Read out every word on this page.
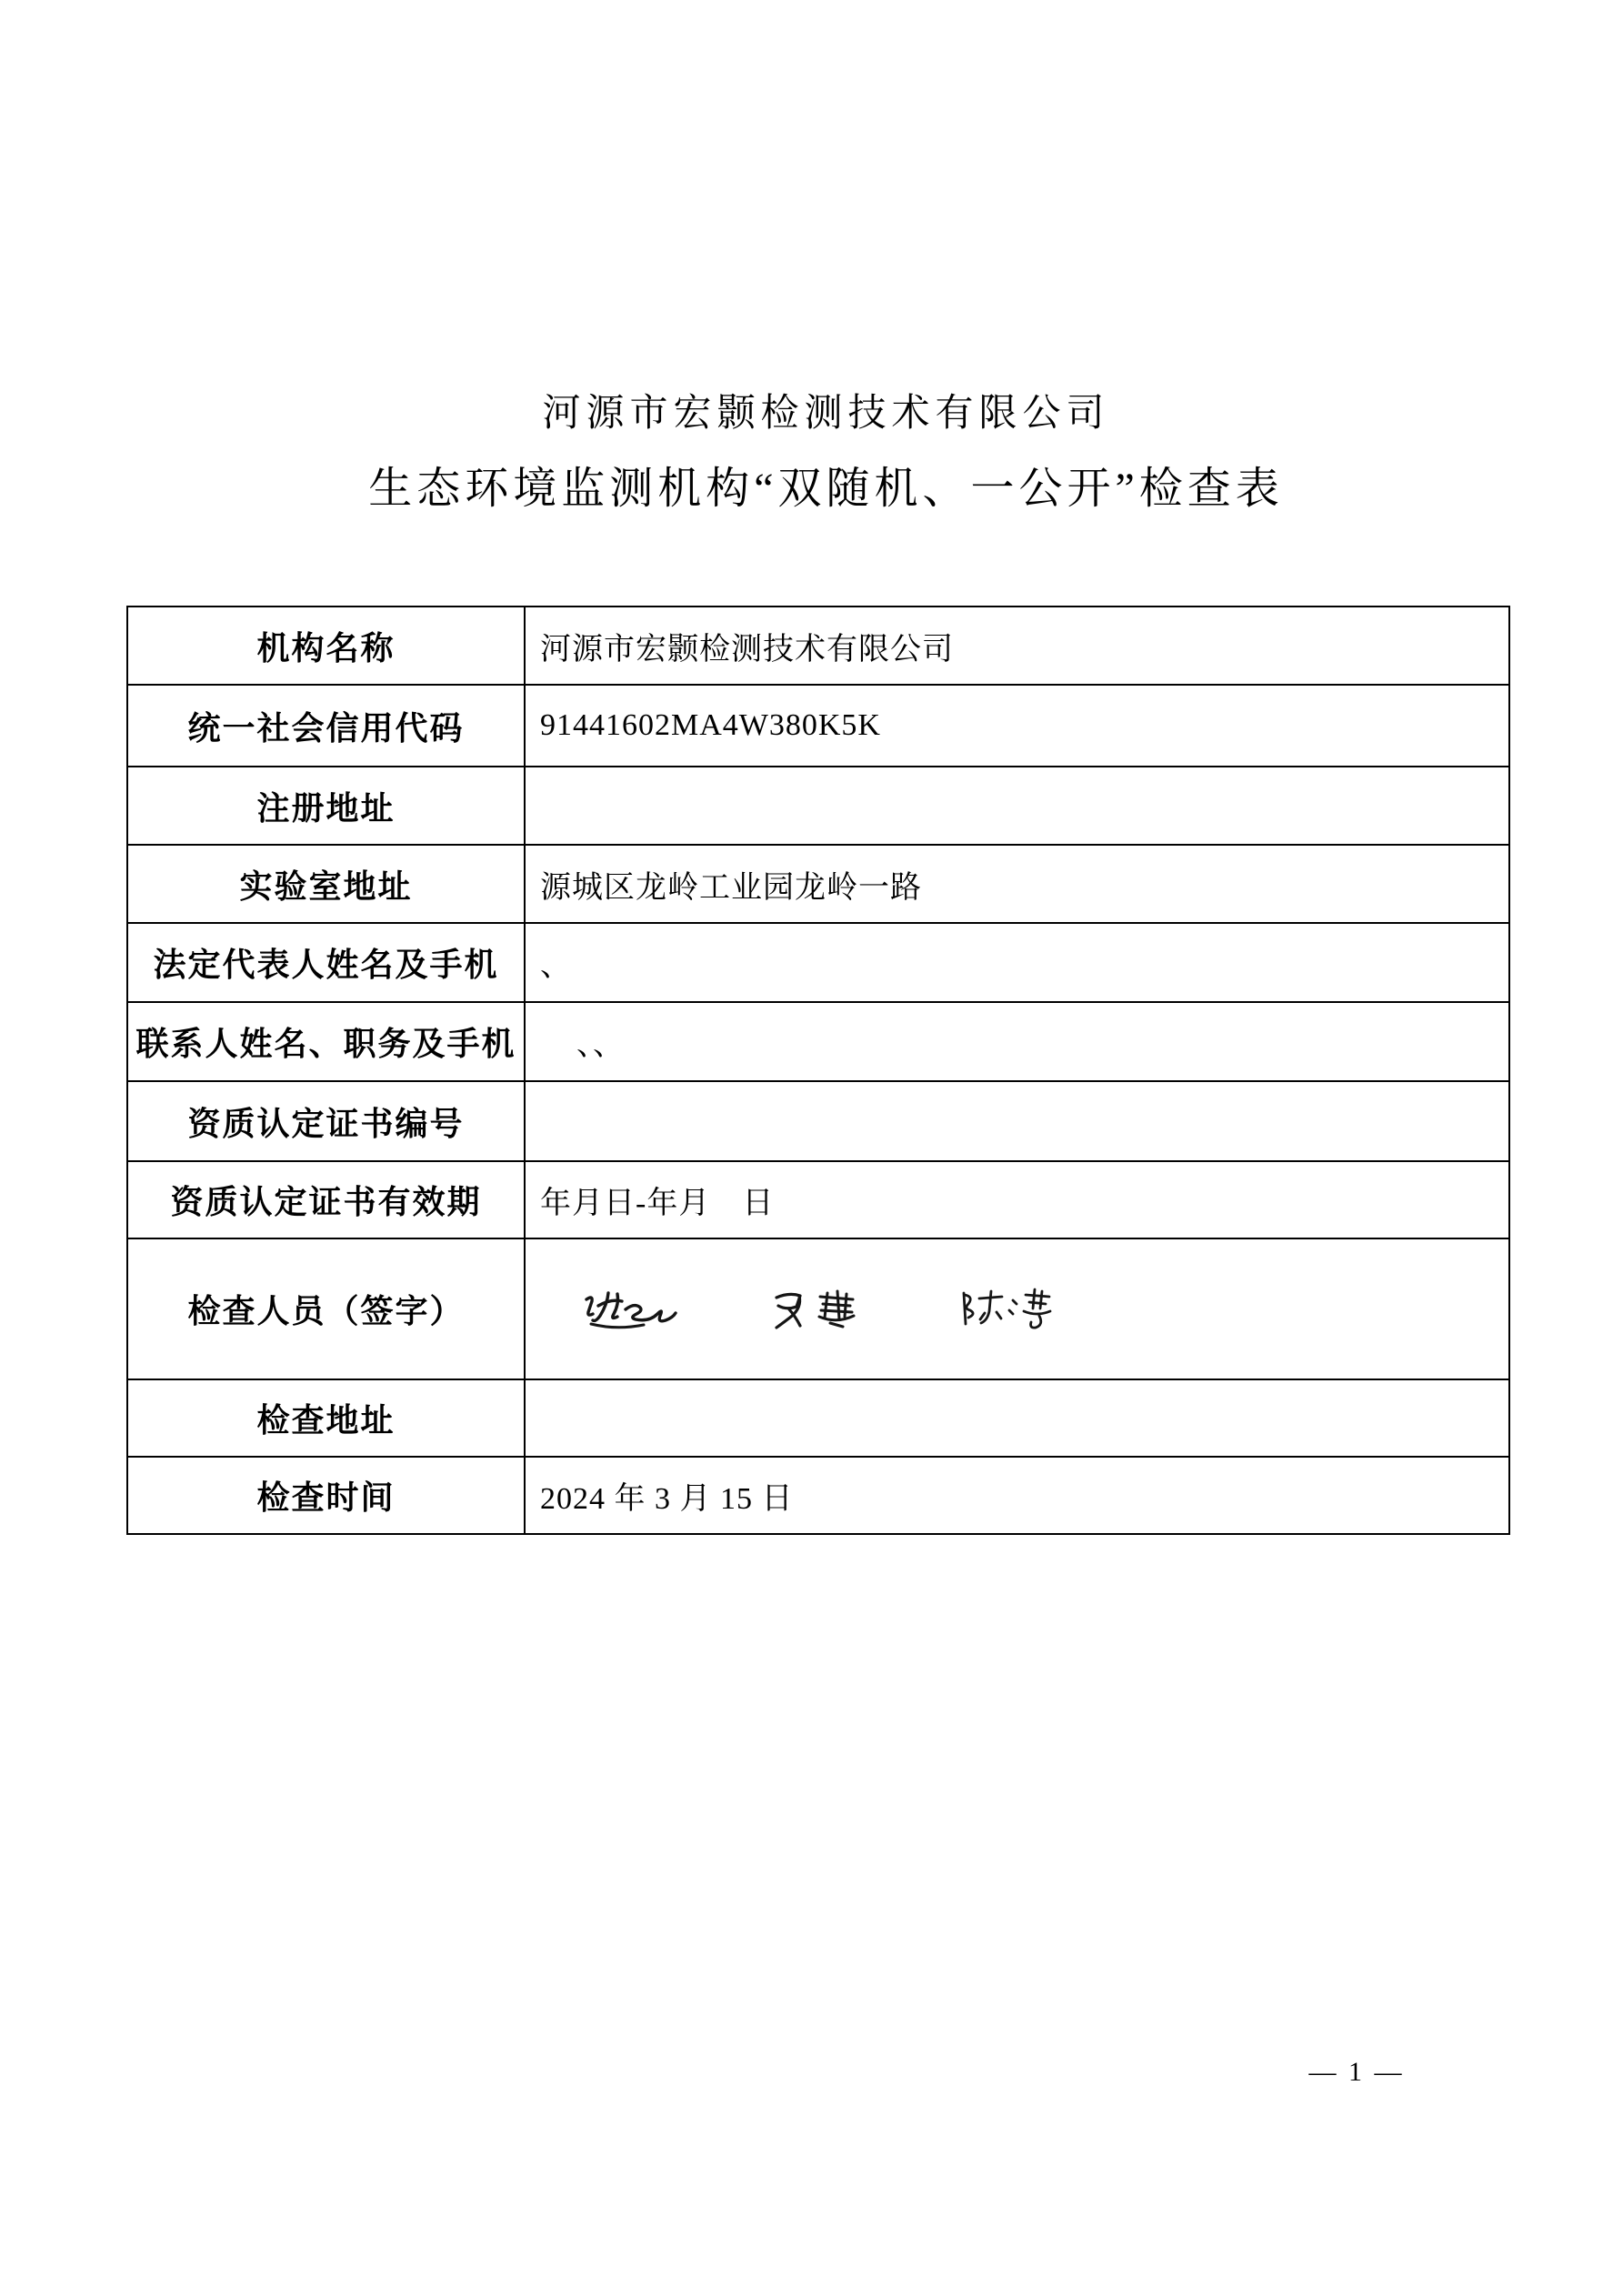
河源市宏颢检测技术有限公司
生态环境监测机构“双随机、一公开”检查表
机构名称	河源市宏颢检测技术有限公司
统一社会信用代码	91441602MA4W380K5K
注册地址	
实验室地址	源城区龙岭工业园龙岭一路
法定代表人姓名及手机	、
联系人姓名、职务及手机	、、
资质认定证书编号	
资质认定证书有效期	年月日-年月　日
检查人员（签字）	

检查地址	
检查时间	2024 年 3 月 15 日
— 1 —
